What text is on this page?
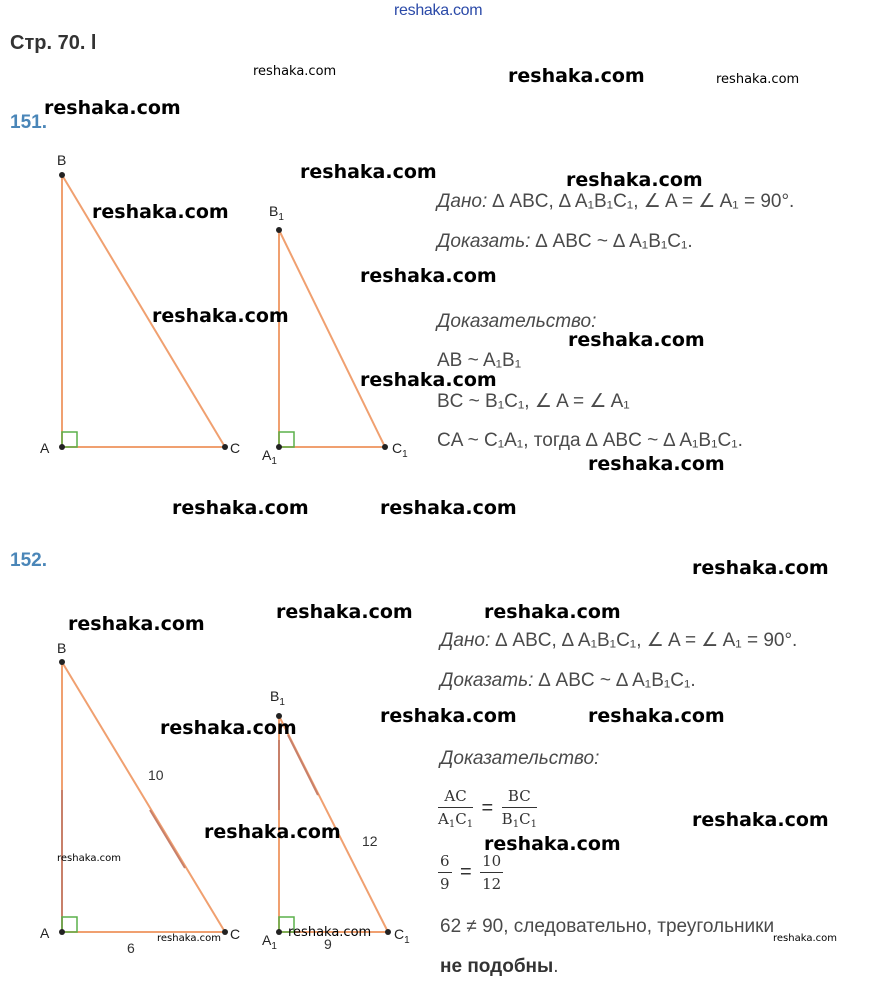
reshaka.com
Стр. 70. l
B
A	C
$B_1$
$A_1$
$C_1$
151.
Дано: ∆ ABC, ∆ A₁B₁C₁, ∠ A = ∠ A₁ = 90°.
Доказать: ∆ ABC ~ ∆ A₁B₁C₁.
Доказательство:
AB ~ A₁B₁
BC ~ B₁C₁, ∠ A = ∠ A₁
CA ~ C₁A₁, тогда ∆ ABC ~ ∆ A₁B₁C₁.
152.
B
A	C
$B_1$
$A_1$
$C_1$
10
6
12
9
Дано: ∆ ABC, ∆ A₁B₁C₁, ∠ A = ∠ A₁ = 90°.
Доказать: ∆ ABC ~ ∆ A₁B₁C₁.
Доказательство:
$\frac{AC}{A_1C_1} = \frac{BC}{B_1C_1}$
$\frac{6}{9} = \frac{10}{12}$
62 ≠ 90, следовательно, треугольники
не подобны.
reshaka.com	reshaka.com	reshaka.com
reshaka.com
reshaka.com	reshaka.com
reshaka.com
reshaka.com
reshaka.com
reshaka.com
reshaka.com
reshaka.com
reshaka.com	reshaka.com
reshaka.com
reshaka.com	reshaka.com
reshaka.com
reshaka.com	reshaka.com
reshaka.com
reshaka.com
reshaka.com
reshaka.com
reshaka.com
reshaka.com	reshaka.com	reshaka.com
